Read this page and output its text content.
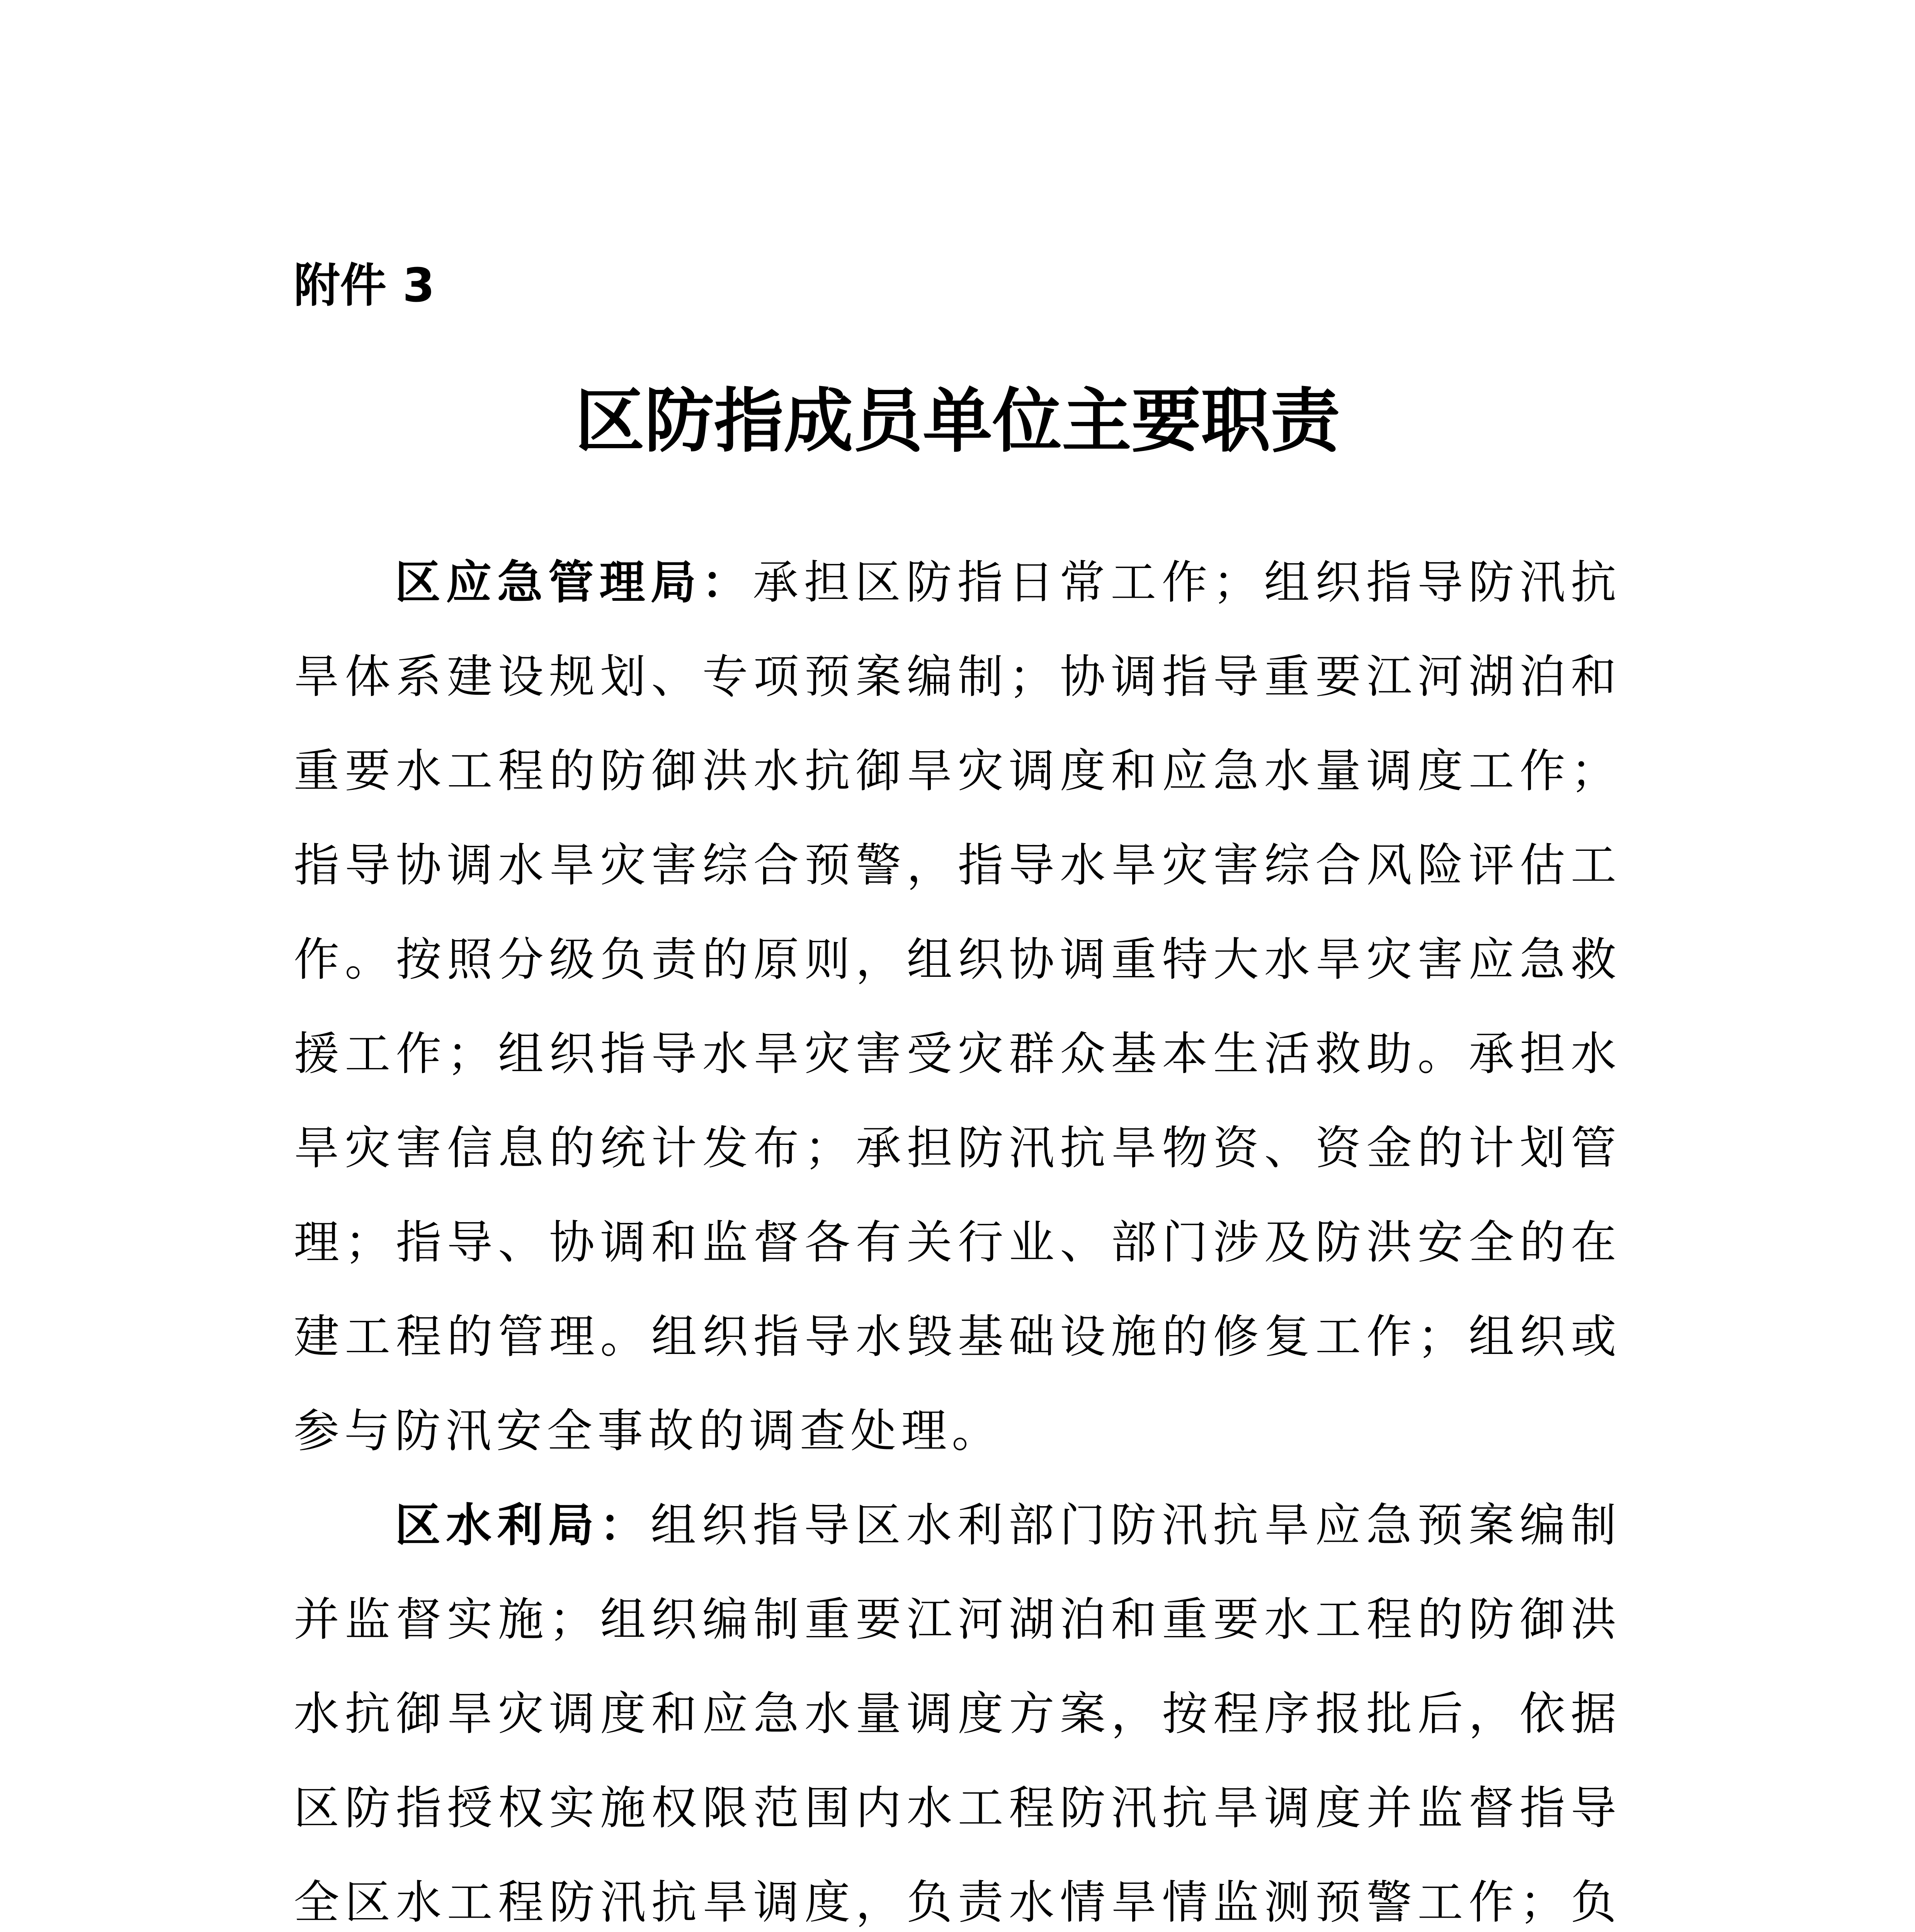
附件 3
区防指成员单位主要职责

区应急管理局：承担区防指日常工作；组织指导防汛抗旱体系建设规划、专项预案编制；协调指导重要江河湖泊和重要水工程的防御洪水抗御旱灾调度和应急水量调度工作；指导协调水旱灾害综合预警，指导水旱灾害综合风险评估工作。按照分级负责的原则，组织协调重特大水旱灾害应急救援工作；组织指导水旱灾害受灾群众基本生活救助。承担水旱灾害信息的统计发布；承担防汛抗旱物资、资金的计划管理；指导、协调和监督各有关行业、部门涉及防洪安全的在建工程的管理。组织指导水毁基础设施的修复工作；组织或参与防汛安全事故的调查处理。

区水利局：组织指导区水利部门防汛抗旱应急预案编制并监督实施；组织编制重要江河湖泊和重要水工程的防御洪水抗御旱灾调度和应急水量调度方案，按程序报批后，依据区防指授权实施权限范围内水工程防汛抗旱调度并监督指导全区水工程防汛抗旱调度，负责水情旱情监测预警工作；负
